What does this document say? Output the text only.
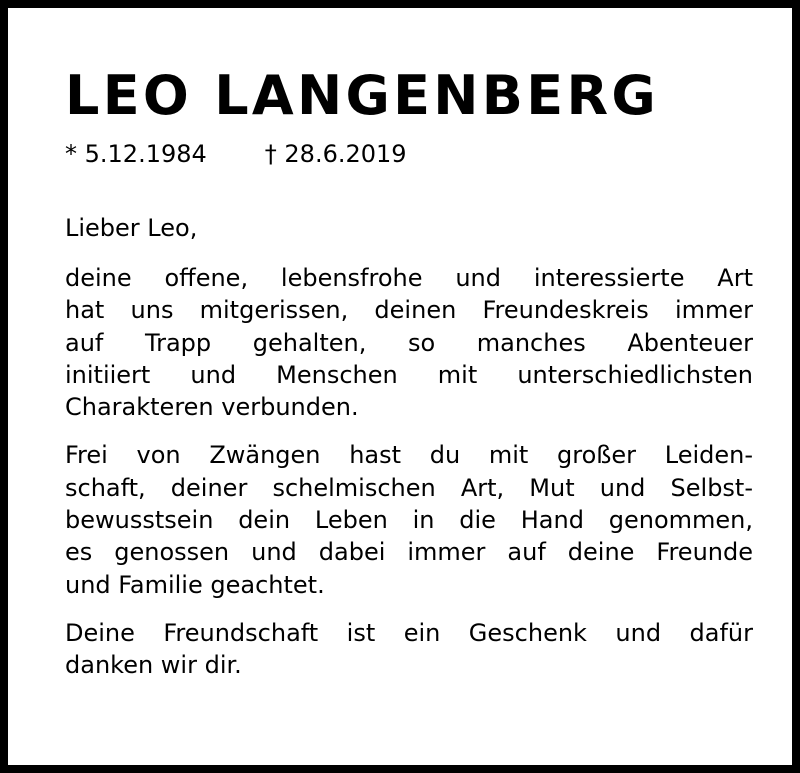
LEO LANGENBERG

* 5.12.1984 † 28.6.2019

Lieber Leo,

deine offene, lebensfrohe und interessierte Art
hat uns mitgerissen, deinen Freundeskreis immer
auf Trapp gehalten, so manches Abenteuer
initiiert und Menschen mit unterschiedlichsten
Charakteren verbunden.

Frei von Zwängen hast du mit großer Leiden-
schaft, deiner schelmischen Art, Mut und Selbst-
bewusstsein dein Leben in die Hand genommen,
es genossen und dabei immer auf deine Freunde
und Familie geachtet.

Deine Freundschaft ist ein Geschenk und dafür
danken wir dir.
